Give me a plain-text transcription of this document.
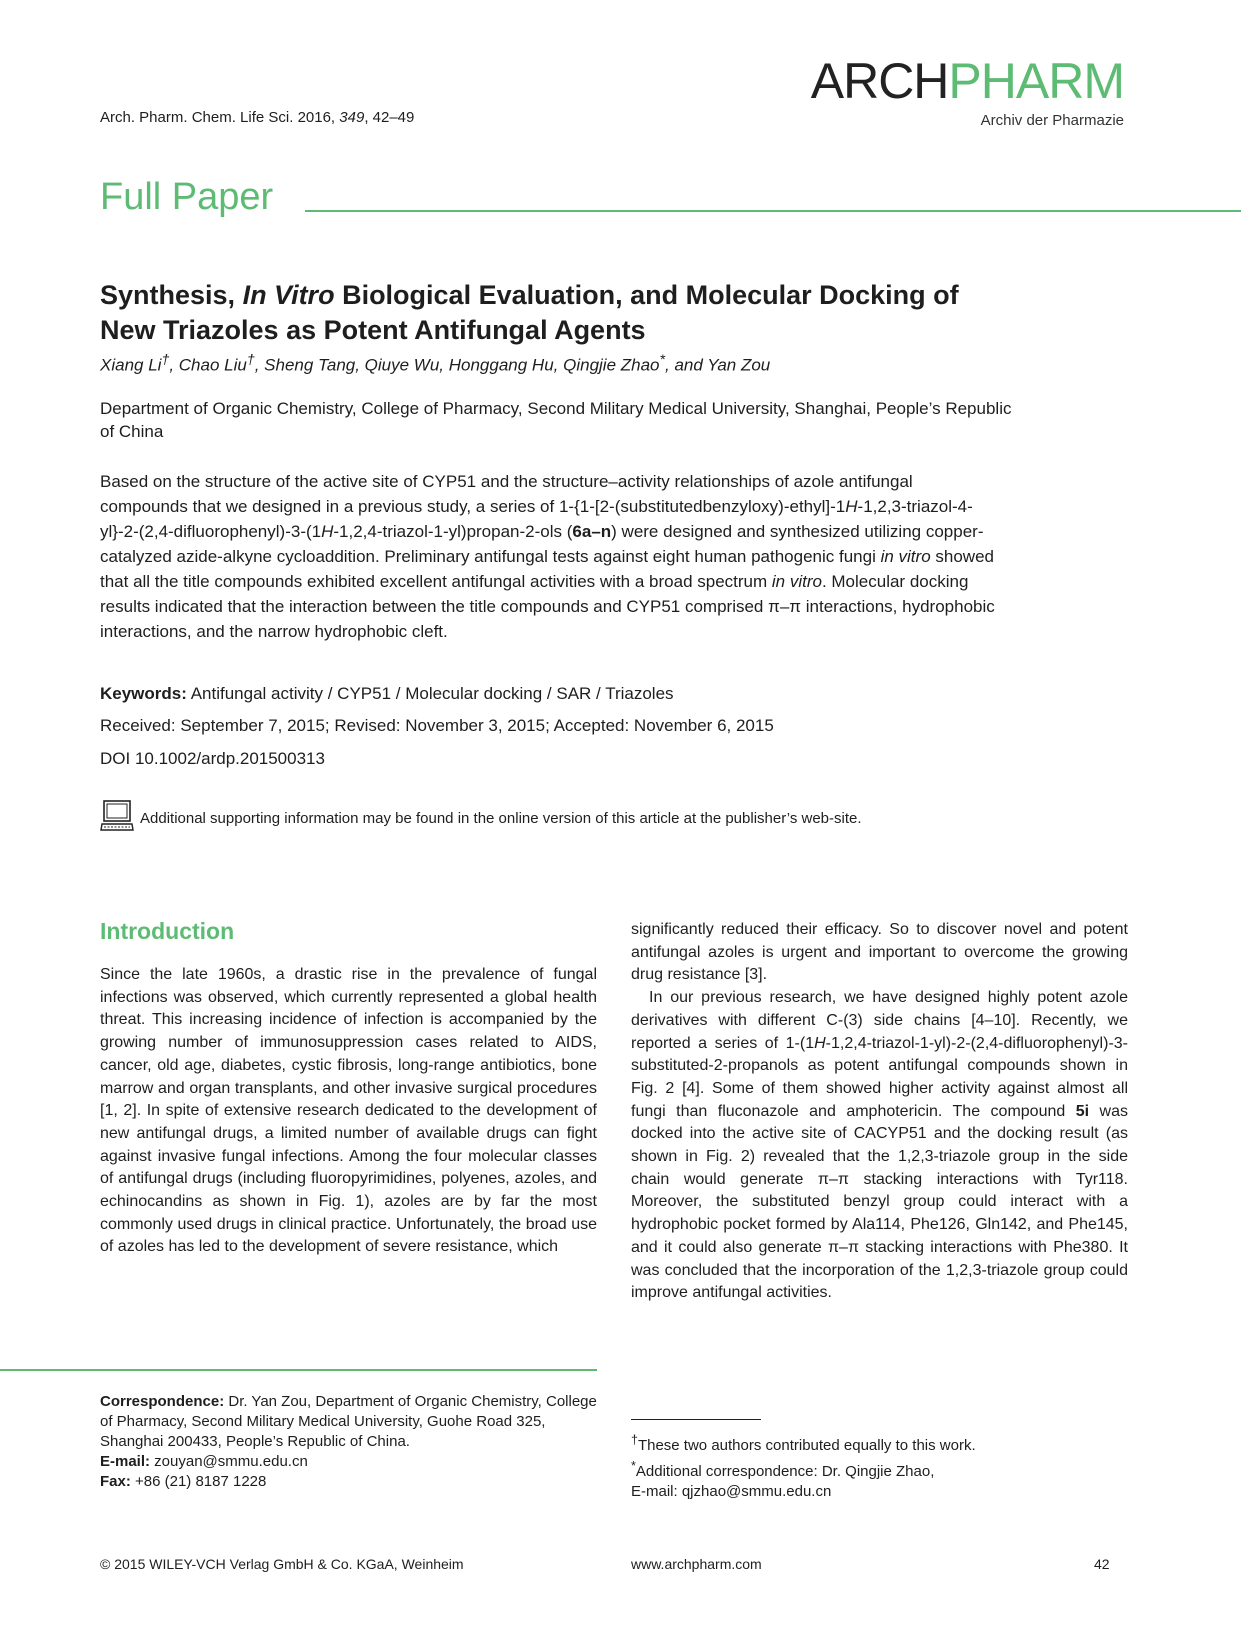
Arch. Pharm. Chem. Life Sci. 2016, 349, 42–49
ARCHPHARM
Archiv der Pharmazie
Full Paper
Synthesis, In Vitro Biological Evaluation, and Molecular Docking of New Triazoles as Potent Antifungal Agents
Xiang Li†, Chao Liu†, Sheng Tang, Qiuye Wu, Honggang Hu, Qingjie Zhao*, and Yan Zou
Department of Organic Chemistry, College of Pharmacy, Second Military Medical University, Shanghai, People’s Republic of China
Based on the structure of the active site of CYP51 and the structure–activity relationships of azole antifungal compounds that we designed in a previous study, a series of 1-{1-[2-(substitutedbenzyloxy)-ethyl]-1H-1,2,3-triazol-4-yl}-2-(2,4-difluorophenyl)-3-(1H-1,2,4-triazol-1-yl)propan-2-ols (6a–n) were designed and synthesized utilizing copper-catalyzed azide-alkyne cycloaddition. Preliminary antifungal tests against eight human pathogenic fungi in vitro showed that all the title compounds exhibited excellent antifungal activities with a broad spectrum in vitro. Molecular docking results indicated that the interaction between the title compounds and CYP51 comprised π–π interactions, hydrophobic interactions, and the narrow hydrophobic cleft.
Keywords: Antifungal activity / CYP51 / Molecular docking / SAR / Triazoles
Received: September 7, 2015; Revised: November 3, 2015; Accepted: November 6, 2015
DOI 10.1002/ardp.201500313
Additional supporting information may be found in the online version of this article at the publisher’s web-site.
Introduction

Since the late 1960s, a drastic rise in the prevalence of fungal infections was observed, which currently represented a global health threat. This increasing incidence of infection is accompanied by the growing number of immunosuppression cases related to AIDS, cancer, old age, diabetes, cystic fibrosis, long-range antibiotics, bone marrow and organ transplants, and other invasive surgical procedures [1, 2]. In spite of extensive research dedicated to the development of new antifungal drugs, a limited number of available drugs can fight against invasive fungal infections. Among the four molecular classes of antifungal drugs (including fluoropyrimidines, polyenes, azoles, and echinocandins as shown in Fig. 1), azoles are by far the most commonly used drugs in clinical practice. Unfortunately, the broad use of azoles has led to the development of severe resistance, which

significantly reduced their efficacy. So to discover novel and potent antifungal azoles is urgent and important to overcome the growing drug resistance [3].

In our previous research, we have designed highly potent azole derivatives with different C-(3) side chains [4–10]. Recently, we reported a series of 1-(1H-1,2,4-triazol-1-yl)-2-(2,4-difluorophenyl)-3-substituted-2-propanols as potent antifungal compounds shown in Fig. 2 [4]. Some of them showed higher activity against almost all fungi than fluconazole and amphotericin. The compound 5i was docked into the active site of CACYP51 and the docking result (as shown in Fig. 2) revealed that the 1,2,3-triazole group in the side chain would generate π–π stacking interactions with Tyr118. Moreover, the substituted benzyl group could interact with a hydrophobic pocket formed by Ala114, Phe126, Gln142, and Phe145, and it could also generate π–π stacking interactions with Phe380. It was concluded that the incorporation of the 1,2,3-triazole group could improve antifungal activities.

Correspondence: Dr. Yan Zou, Department of Organic Chemistry, College of Pharmacy, Second Military Medical University, Guohe Road 325, Shanghai 200433, People’s Republic of China.
E-mail: zouyan@smmu.edu.cn
Fax: +86 (21) 8187 1228
†These two authors contributed equally to this work.
*Additional correspondence: Dr. Qingjie Zhao,
E-mail: qjzhao@smmu.edu.cn
© 2015 WILEY-VCH Verlag GmbH & Co. KGaA, Weinheim	www.archpharm.com	42
